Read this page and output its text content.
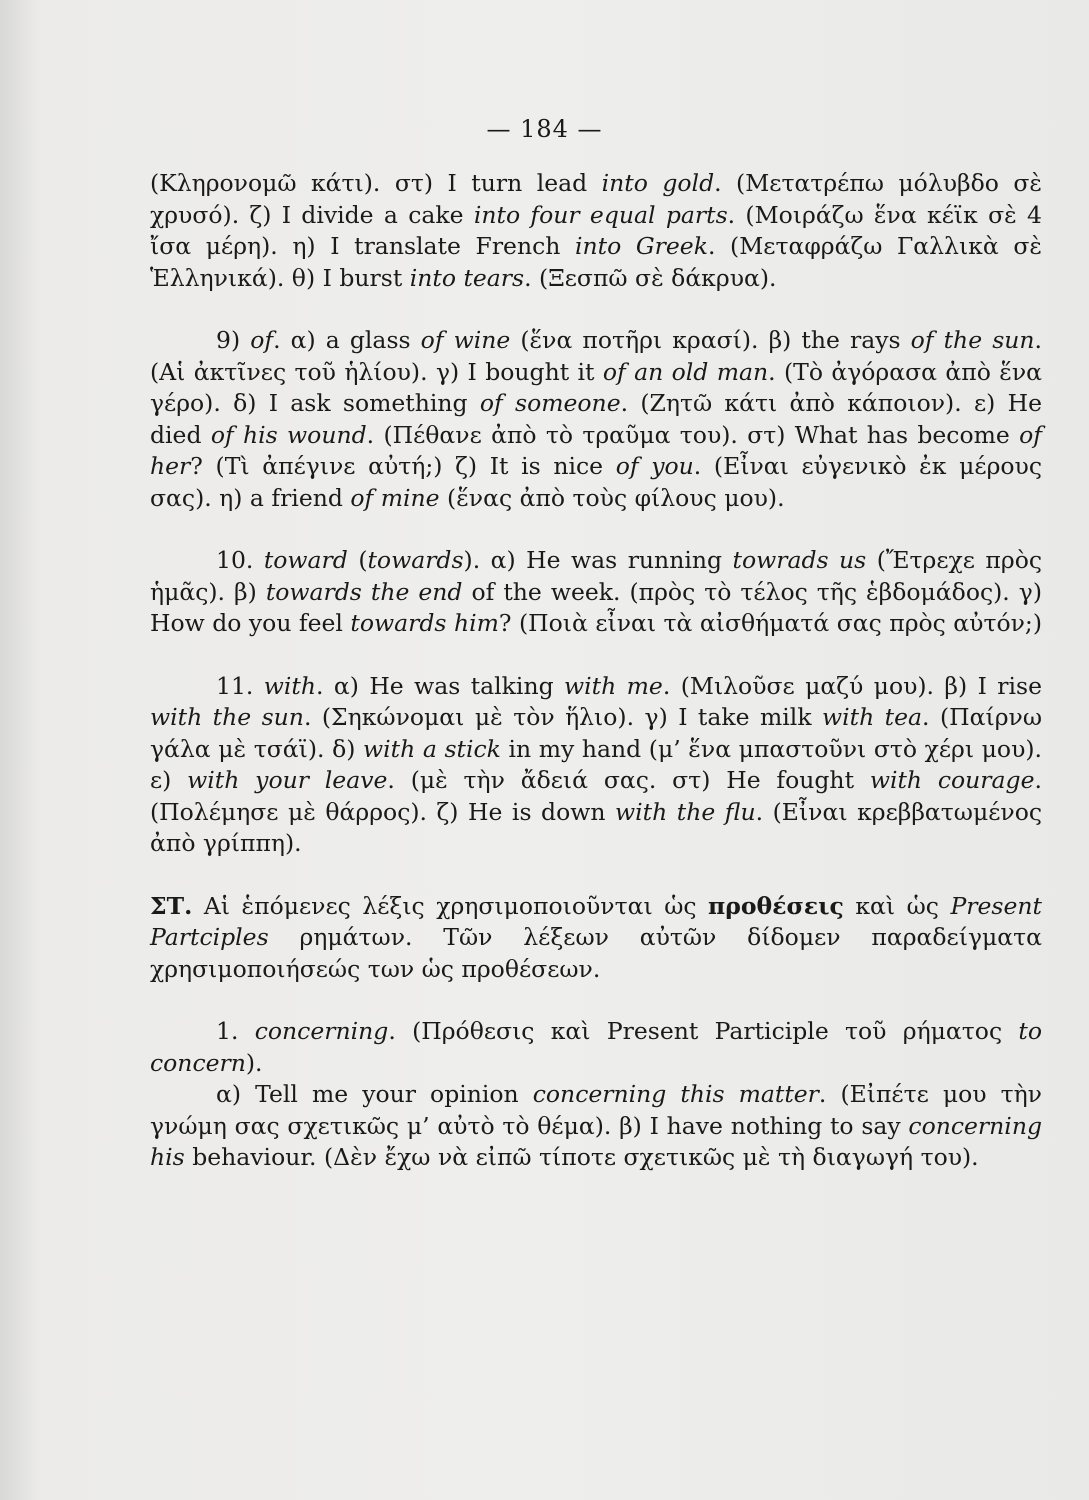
— 184 —

(Κληρονομῶ κάτι). στ) I turn lead into gold. (Μετατρέπω μόλυβδο σὲ χρυσό). ζ) I divide a cake into four equal parts. (Μοιράζω ἕνα κέϊκ σὲ 4 ἴσα μέρη). η) I translate French into Greek. (Μεταφράζω Γαλλικὰ σὲ Ἑλληνικά). θ) I burst into tears. (Ξεσπῶ σὲ δάκρυα).

9) of. α) a glass of wine (ἕνα ποτῆρι κρασί). β) the rays of the sun. (Αἱ ἀκτῖνες τοῦ ἡλίου). γ) I bought it of an old man. (Τὸ ἀγόρασα ἀπὸ ἕνα γέρο). δ) I ask something of someone. (Ζητῶ κάτι ἀπὸ κάποιον). ε) He died of his wound. (Πέθανε ἀπὸ τὸ τραῦμα του). στ) What has become of her? (Τὶ ἀπέγινε αὐτή;) ζ) It is nice of you. (Εἶναι εὐγενικὸ ἐκ μέρους σας). η) a friend of mine (ἕνας ἀπὸ τοὺς φίλους μου).

10. toward (towards). α) He was running towrads us (Ἔτρεχε πρὸς ἡμᾶς). β) towards the end of the week. (πρὸς τὸ τέλος τῆς ἑβδομάδος). γ) How do you feel towards him? (Ποιὰ εἶναι τὰ αἰσθήματά σας πρὸς αὐτόν;)

11. with. α) He was talking with me. (Μιλοῦσε μαζύ μου). β) I rise with the sun. (Σηκώνομαι μὲ τὸν ἥλιο). γ) I take milk with tea. (Παίρνω γάλα μὲ τσάϊ). δ) with a stick in my hand (μ’ ἕνα μπαστοῦνι στὸ χέρι μου). ε) with your leave. (μὲ τὴν ἄδειά σας. στ) He fought with courage. (Πολέμησε μὲ θάρρος). ζ) He is down with the flu. (Εἶναι κρεββατωμένος ἀπὸ γρίππη).

ΣΤ. Αἱ ἑπόμενες λέξις χρησιμοποιοῦνται ὡς προθέσεις καὶ ὡς Present Partciples ρημάτων. Τῶν λέξεων αὐτῶν δίδομεν παραδείγματα χρησιμοποιήσεώς των ὡς προθέσεων.

1. concerning. (Πρόθεσις καὶ Present Participle τοῦ ρήματος to concern).

α) Tell me your opinion concerning this matter. (Εἰπέτε μου τὴν γνώμη σας σχετικῶς μ’ αὐτὸ τὸ θέμα). β) I have nothing to say concerning his behaviour. (Δὲν ἔχω νὰ εἰπῶ τίποτε σχετικῶς μὲ τὴ διαγωγή του).
